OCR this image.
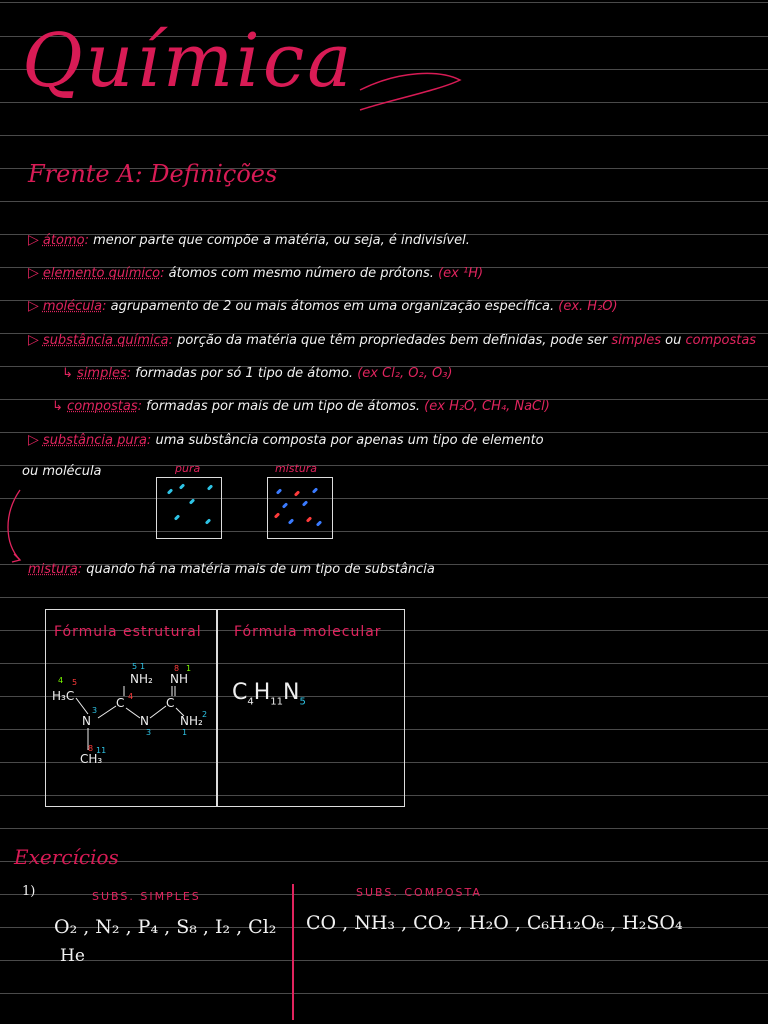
Química
Frente A: Definições
▷ átomo: menor parte que compõe a matéria, ou seja, é indivisível.
▷ elemento químico: átomos com mesmo número de prótons. (ex ¹H)
▷ molécula: agrupamento de 2 ou mais átomos em uma organização específica. (ex. H₂O)
▷ substância química: porção da matéria que têm propriedades bem definidas, pode ser simples ou compostas
↳ simples: formadas por só 1 tipo de átomo. (ex Cl₂, O₂, O₃)
↳ compostas: formadas por mais de um tipo de átomos. (ex H₂O, CH₄, NaCl)
▷ substância pura: uma substância composta por apenas um tipo de elemento
ou molécula	pura	mistura
mistura: quando há na matéria mais de um tipo de substância
Fórmula estrutural Fórmula molecular
4
H₃C
5
N
3
CH₃
8 11
C 4
NH₂
5 1
N
3
C
NH
8 1
NH₂ 2
1
$C_4H_{11}N_5$
Exercícios
1)	SUBS. SIMPLES	SUBS. COMPOSTA
O₂ , N₂ , P₄ , S₈ , I₂ , Cl₂
He
CO , NH₃ , CO₂ , H₂O , C₆H₁₂O₆ , H₂SO₄
